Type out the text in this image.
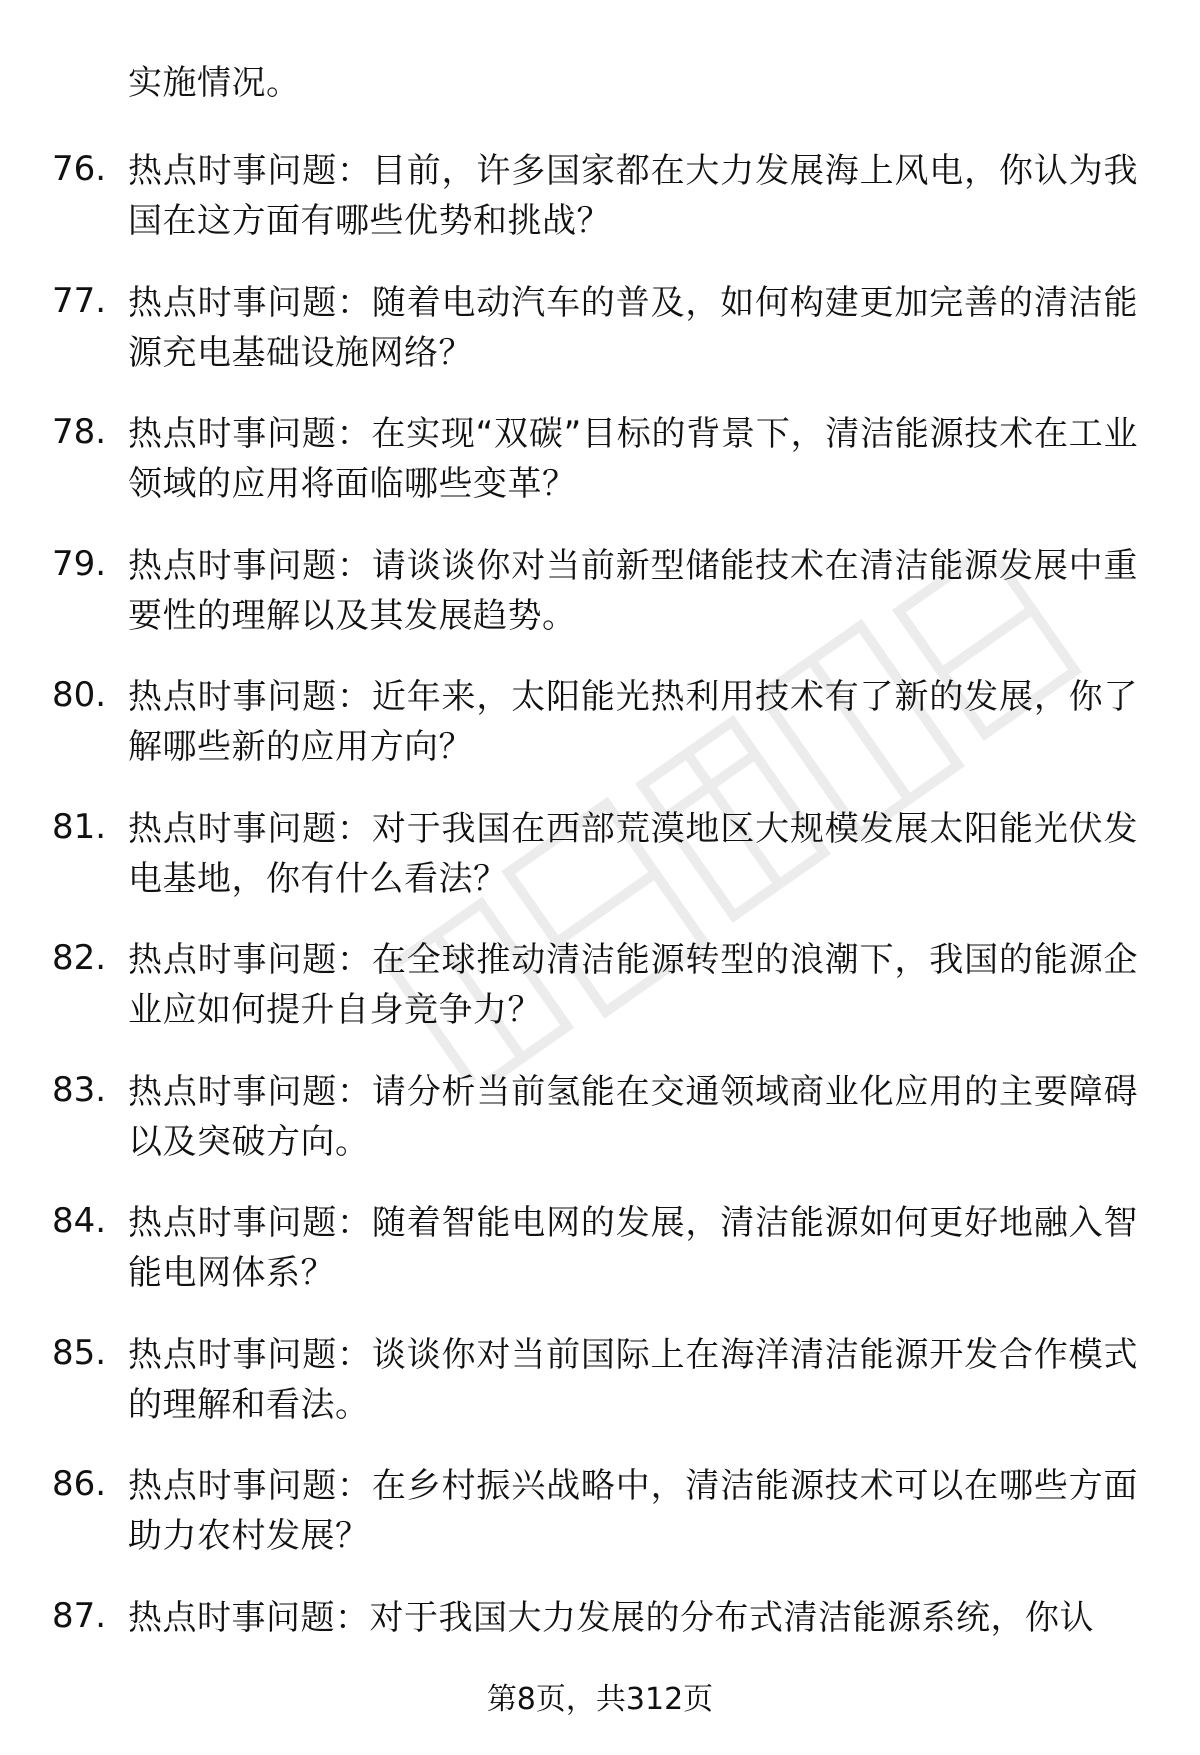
实施情况。
76. 热点时事问题：目前，许多国家都在大力发展海上风电，你认为我国在这方面有哪些优势和挑战？
77. 热点时事问题：随着电动汽车的普及，如何构建更加完善的清洁能源充电基础设施网络？
78. 热点时事问题：在实现“双碳”目标的背景下，清洁能源技术在工业领域的应用将面临哪些变革？
79. 热点时事问题：请谈谈你对当前新型储能技术在清洁能源发展中重要性的理解以及其发展趋势。
80. 热点时事问题：近年来，太阳能光热利用技术有了新的发展，你了解哪些新的应用方向？
81. 热点时事问题：对于我国在西部荒漠地区大规模发展太阳能光伏发电基地，你有什么看法？
82. 热点时事问题：在全球推动清洁能源转型的浪潮下，我国的能源企业应如何提升自身竞争力？
83. 热点时事问题：请分析当前氢能在交通领域商业化应用的主要障碍以及突破方向。
84. 热点时事问题：随着智能电网的发展，清洁能源如何更好地融入智能电网体系？
85. 热点时事问题：谈谈你对当前国际上在海洋清洁能源开发合作模式的理解和看法。
86. 热点时事问题：在乡村振兴战略中，清洁能源技术可以在哪些方面助力农村发展？
87. 热点时事问题：对于我国大力发展的分布式清洁能源系统，你认
第8页，共312页
